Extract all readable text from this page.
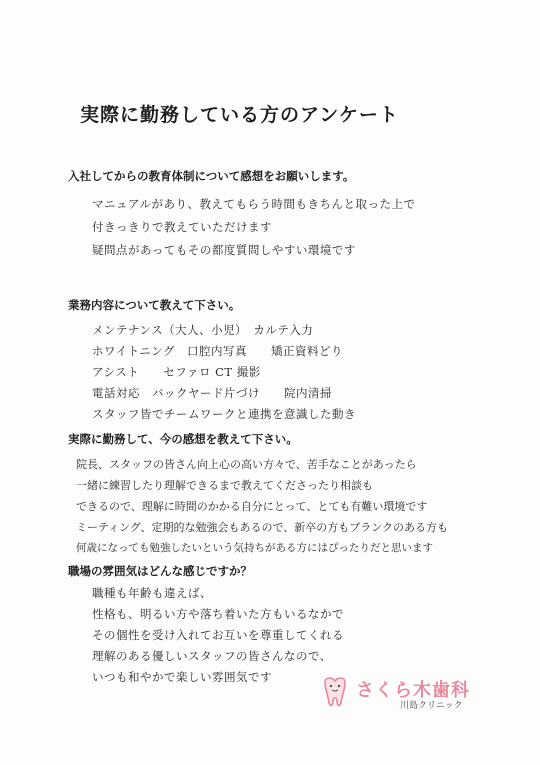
実際に勤務している方のアンケート
入社してからの教育体制について感想をお願いします。
マニュアルがあり、教えてもらう時間もきちんと取った上で
付きっきりで教えていただけます
疑問点があってもその都度質問しやすい環境です
業務内容について教えて下さい。
メンテナンス（大人、小児）　カルテ入力
ホワイトニング　口腔内写真　　矯正資料どり
アシスト　　セファロ CT 撮影
電話対応　バックヤード片づけ　　院内清掃
スタッフ皆でチームワークと連携を意識した動き
実際に勤務して、今の感想を教えて下さい。
院長、スタッフの皆さん向上心の高い方々で、苦手なことがあったら
一緒に練習したり理解できるまで教えてくださったり相談も
できるので、理解に時間のかかる自分にとって、とても有難い環境です
ミーティング、定期的な勉強会もあるので、新卒の方もブランクのある方も
何歳になっても勉強したいという気持ちがある方にはぴったりだと思います
職場の雰囲気はどんな感じですか？
職種も年齢も違えば、
性格も、明るい方や落ち着いた方もいるなかで
その個性を受け入れてお互いを尊重してくれる
理解のある優しいスタッフの皆さんなので、
いつも和やかで楽しい雰囲気です
さくら木歯科
川島クリニック
